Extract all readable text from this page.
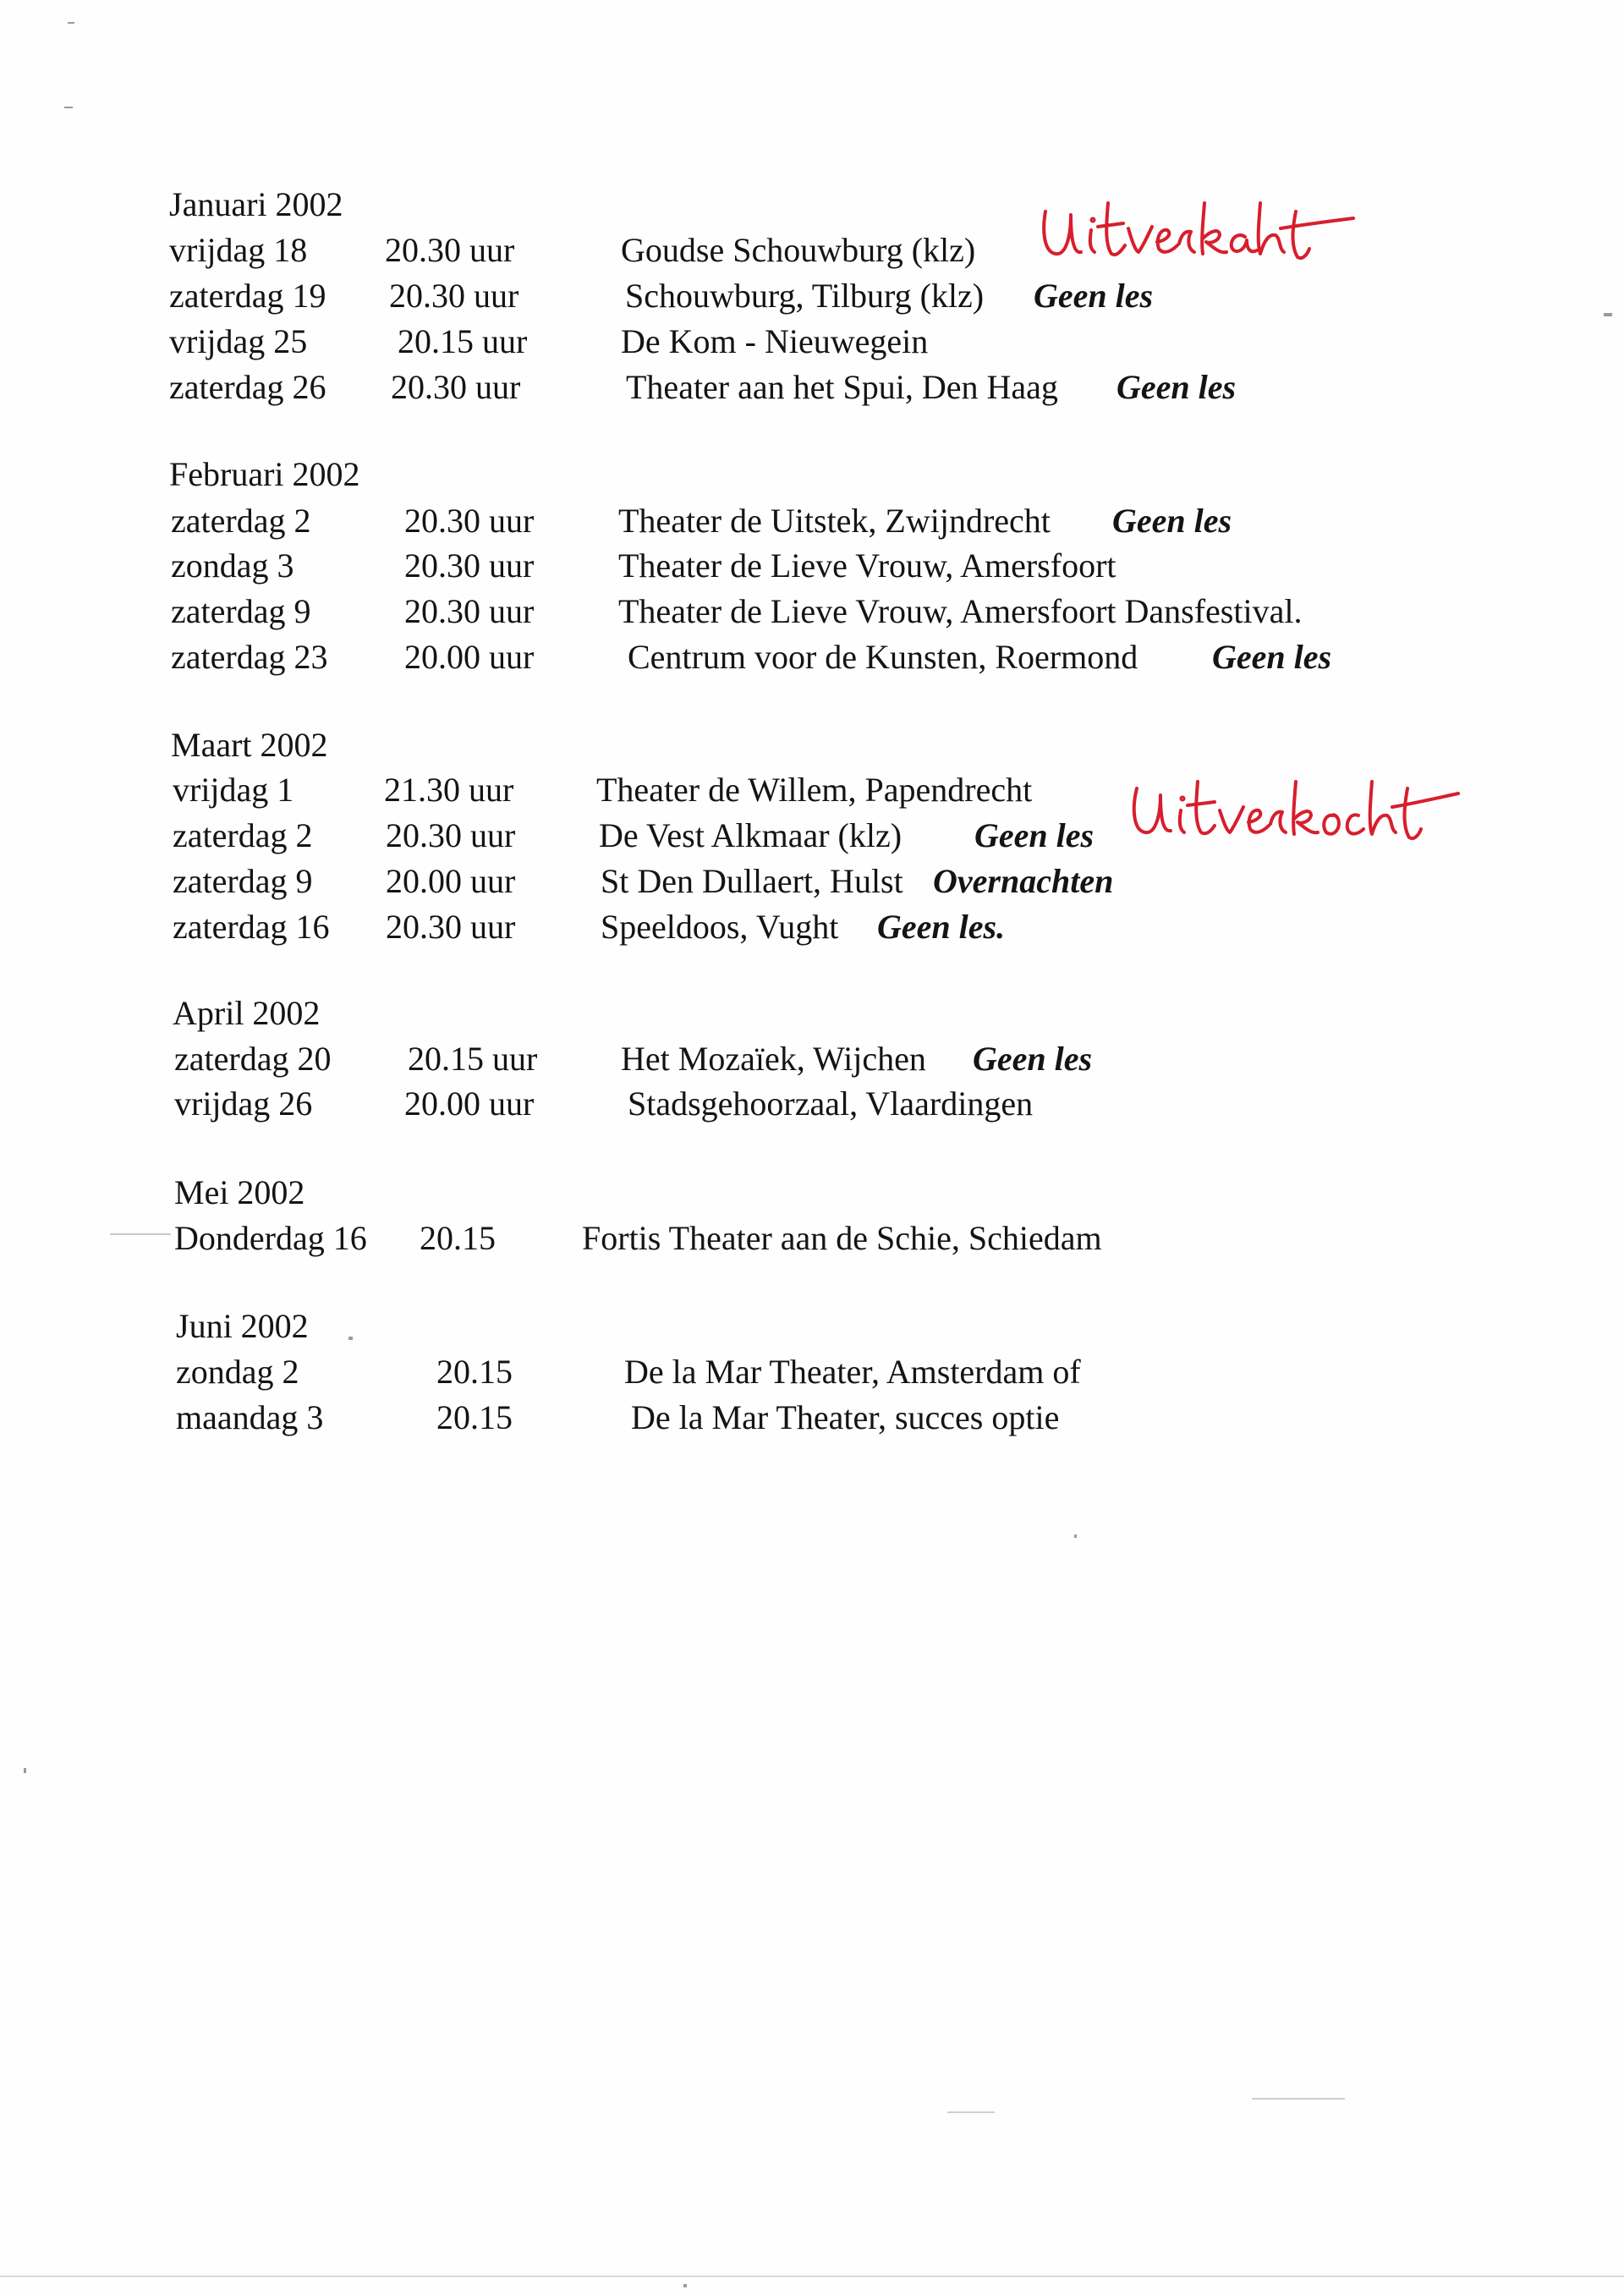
Januari 2002
vrijdag 18 20.30 uur	Goudse Schouwburg (klz)
zaterdag 19 20.30 uur	Schouwburg, Tilburg (klz) Geen les
vrijdag 25	20.15 uur	De Kom - Nieuwegein
zaterdag 26 20.30 uur	Theater aan het Spui, Den Haag Geen les
Februari 2002
zaterdag 2	20.30 uur Theater de Uitstek, Zwijndrecht Geen les
zondag 3	20.30 uur Theater de Lieve Vrouw, Amersfoort
zaterdag 9	20.30 uur Theater de Lieve Vrouw, Amersfoort Dansfestival.
zaterdag 23 20.00 uur	Centrum voor de Kunsten, Roermond Geen les
Maart 2002
vrijdag 1	21.30 uur Theater de Willem, Papendrecht
zaterdag 2 20.30 uur De Vest Alkmaar (klz) Geen les
zaterdag 9 20.00 uur	St Den Dullaert, Hulst Overnachten
zaterdag 16 20.30 uur	Speeldoos, Vught Geen les.
April 2002
zaterdag 20 20.15 uur Het Mozaïek, Wijchen Geen les
vrijdag 26	20.00 uur	Stadsgehoorzaal, Vlaardingen
Mei 2002
Donderdag 16 20.15	Fortis Theater aan de Schie, Schiedam
Juni 2002
zondag 2	20.15	De la Mar Theater, Amsterdam of
maandag 3	20.15	De la Mar Theater, succes optie
